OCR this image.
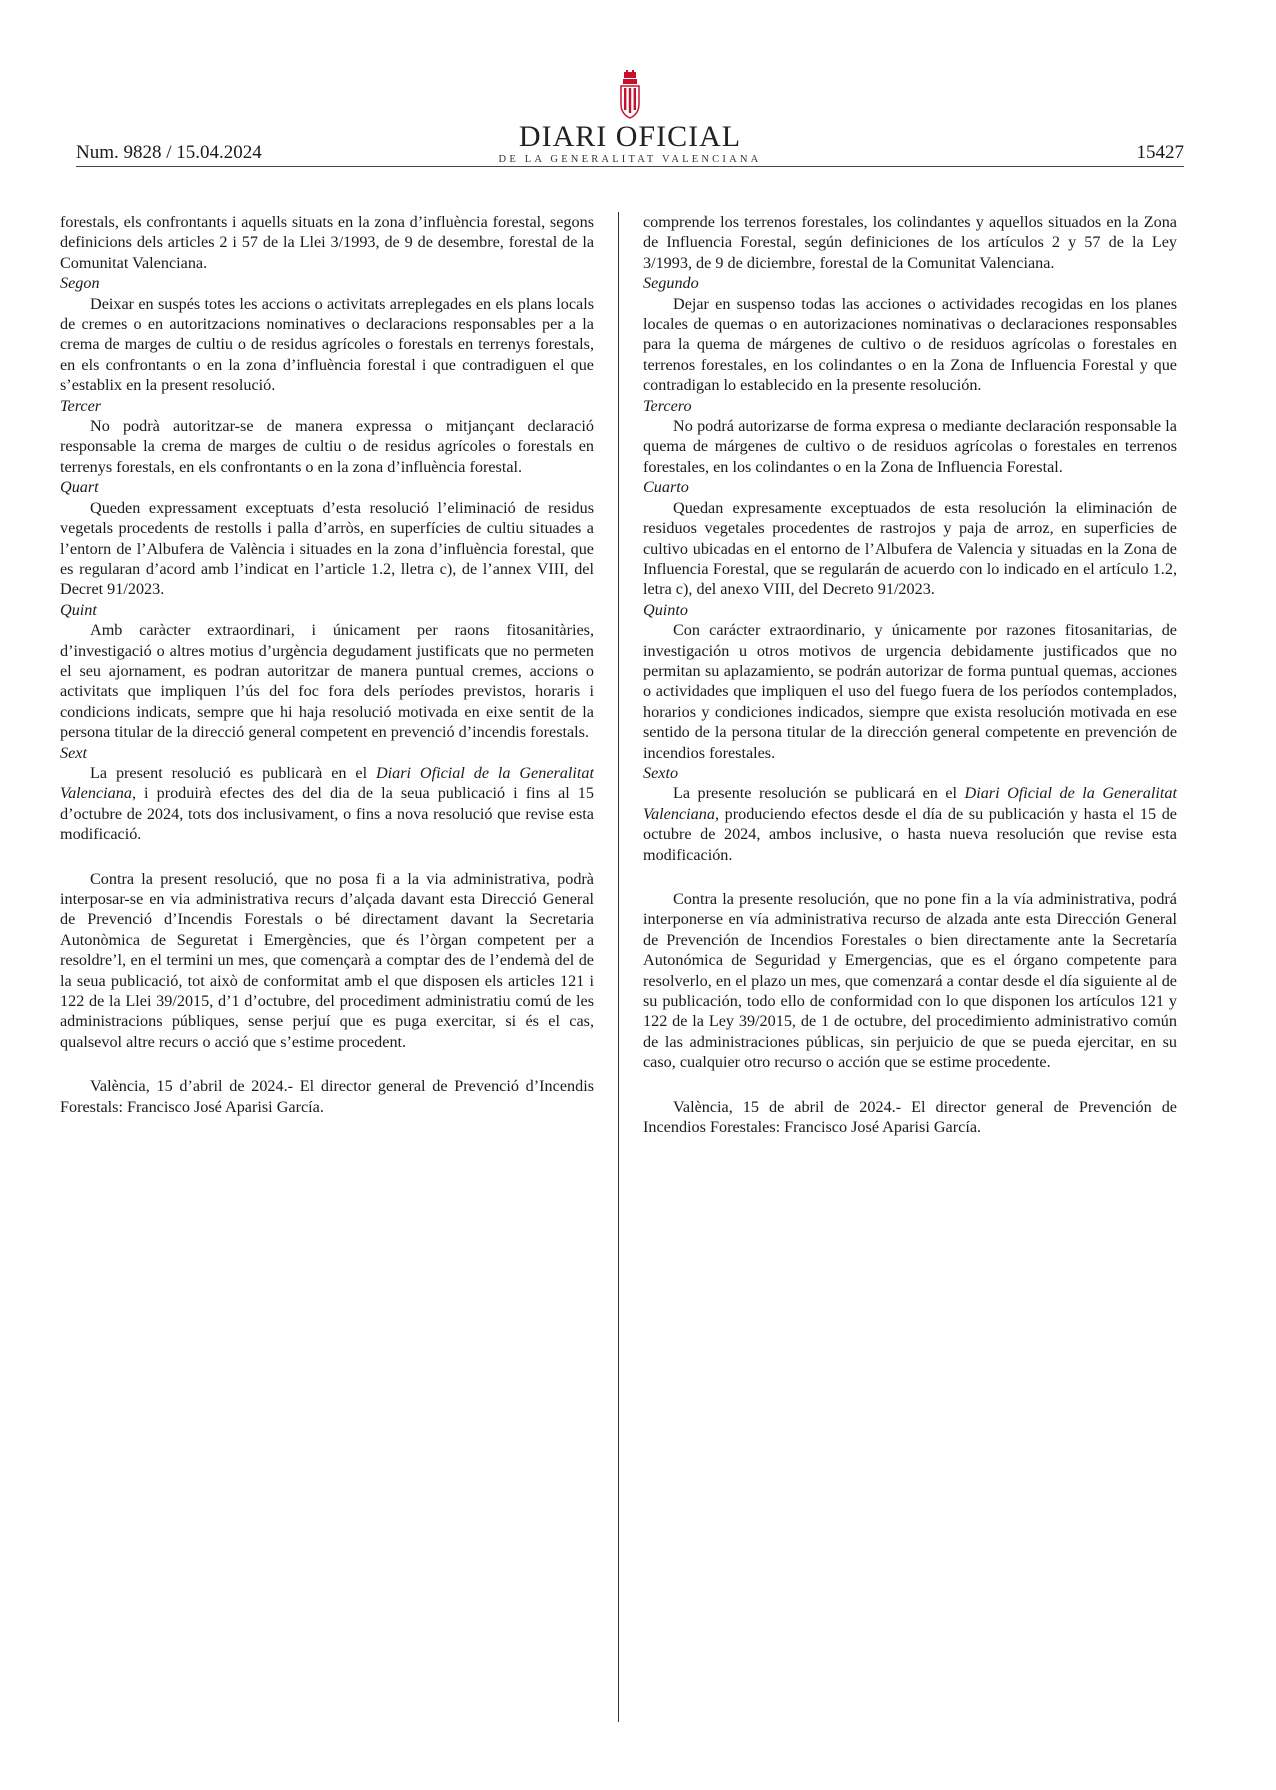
Num. 9828 / 15.04.2024	DIARI OFICIAL
DE LA GENERALITAT VALENCIANA	15427

forestals, els confrontants i aquells situats en la zona d’influència forestal, segons definicions dels articles 2 i 57 de la Llei 3/1993, de 9 de desembre, forestal de la Comunitat Valenciana.

Segon

Deixar en suspés totes les accions o activitats arreplegades en els plans locals de cremes o en autoritzacions nominatives o declaracions responsables per a la crema de marges de cultiu o de residus agrícoles o forestals en terrenys forestals, en els confrontants o en la zona d’influència forestal i que contradiguen el que s’establix en la present resolució.

Tercer

No podrà autoritzar-se de manera expressa o mitjançant declaració responsable la crema de marges de cultiu o de residus agrícoles o forestals en terrenys forestals, en els confrontants o en la zona d’influència forestal.

Quart

Queden expressament exceptuats d’esta resolució l’eliminació de residus vegetals procedents de restolls i palla d’arròs, en superfícies de cultiu situades a l’entorn de l’Albufera de València i situades en la zona d’influència forestal, que es regularan d’acord amb l’indicat en l’article 1.2, lletra c), de l’annex VIII, del Decret 91/2023.

Quint

Amb caràcter extraordinari, i únicament per raons fitosanitàries, d’investigació o altres motius d’urgència degudament justificats que no permeten el seu ajornament, es podran autoritzar de manera puntual cremes, accions o activitats que impliquen l’ús del foc fora dels períodes previstos, horaris i condicions indicats, sempre que hi haja resolució motivada en eixe sentit de la persona titular de la direcció general competent en prevenció d’incendis forestals.

Sext

La present resolució es publicarà en el Diari Oficial de la Generalitat Valenciana, i produirà efectes des del dia de la seua publicació i fins al 15 d’octubre de 2024, tots dos inclusivament, o fins a nova resolució que revise esta modificació.

Contra la present resolució, que no posa fi a la via administrativa, podrà interposar-se en via administrativa recurs d’alçada davant esta Direcció General de Prevenció d’Incendis Forestals o bé directament davant la Secretaria Autonòmica de Seguretat i Emergències, que és l’òrgan competent per a resoldre’l, en el termini un mes, que començarà a comptar des de l’endemà del de la seua publicació, tot això de conformitat amb el que disposen els articles 121 i 122 de la Llei 39/2015, d’1 d’octubre, del procediment administratiu comú de les administracions públiques, sense perjuí que es puga exercitar, si és el cas, qualsevol altre recurs o acció que s’estime procedent.

València, 15 d’abril de 2024.- El director general de Prevenció d’Incendis Forestals: Francisco José Aparisi García.

comprende los terrenos forestales, los colindantes y aquellos situados en la Zona de Influencia Forestal, según definiciones de los artículos 2 y 57 de la Ley 3/1993, de 9 de diciembre, forestal de la Comunitat Valenciana.

Segundo

Dejar en suspenso todas las acciones o actividades recogidas en los planes locales de quemas o en autorizaciones nominativas o declaraciones responsables para la quema de márgenes de cultivo o de residuos agrícolas o forestales en terrenos forestales, en los colindantes o en la Zona de Influencia Forestal y que contradigan lo establecido en la presente resolución.

Tercero

No podrá autorizarse de forma expresa o mediante declaración responsable la quema de márgenes de cultivo o de residuos agrícolas o forestales en terrenos forestales, en los colindantes o en la Zona de Influencia Forestal.

Cuarto

Quedan expresamente exceptuados de esta resolución la eliminación de residuos vegetales procedentes de rastrojos y paja de arroz, en superficies de cultivo ubicadas en el entorno de l’Albufera de Valencia y situadas en la Zona de Influencia Forestal, que se regularán de acuerdo con lo indicado en el artículo 1.2, letra c), del anexo VIII, del Decreto 91/2023.

Quinto

Con carácter extraordinario, y únicamente por razones fitosanitarias, de investigación u otros motivos de urgencia debidamente justificados que no permitan su aplazamiento, se podrán autorizar de forma puntual quemas, acciones o actividades que impliquen el uso del fuego fuera de los períodos contemplados, horarios y condiciones indicados, siempre que exista resolución motivada en ese sentido de la persona titular de la dirección general competente en prevención de incendios forestales.

Sexto

La presente resolución se publicará en el Diari Oficial de la Generalitat Valenciana, produciendo efectos desde el día de su publicación y hasta el 15 de octubre de 2024, ambos inclusive, o hasta nueva resolución que revise esta modificación.

Contra la presente resolución, que no pone fin a la vía administrativa, podrá interponerse en vía administrativa recurso de alzada ante esta Dirección General de Prevención de Incendios Forestales o bien directamente ante la Secretaría Autonómica de Seguridad y Emergencias, que es el órgano competente para resolverlo, en el plazo un mes, que comenzará a contar desde el día siguiente al de su publicación, todo ello de conformidad con lo que disponen los artículos 121 y 122 de la Ley 39/2015, de 1 de octubre, del procedimiento administrativo común de las administraciones públicas, sin perjuicio de que se pueda ejercitar, en su caso, cualquier otro recurso o acción que se estime procedente.

València, 15 de abril de 2024.- El director general de Prevención de Incendios Forestales: Francisco José Aparisi García.
